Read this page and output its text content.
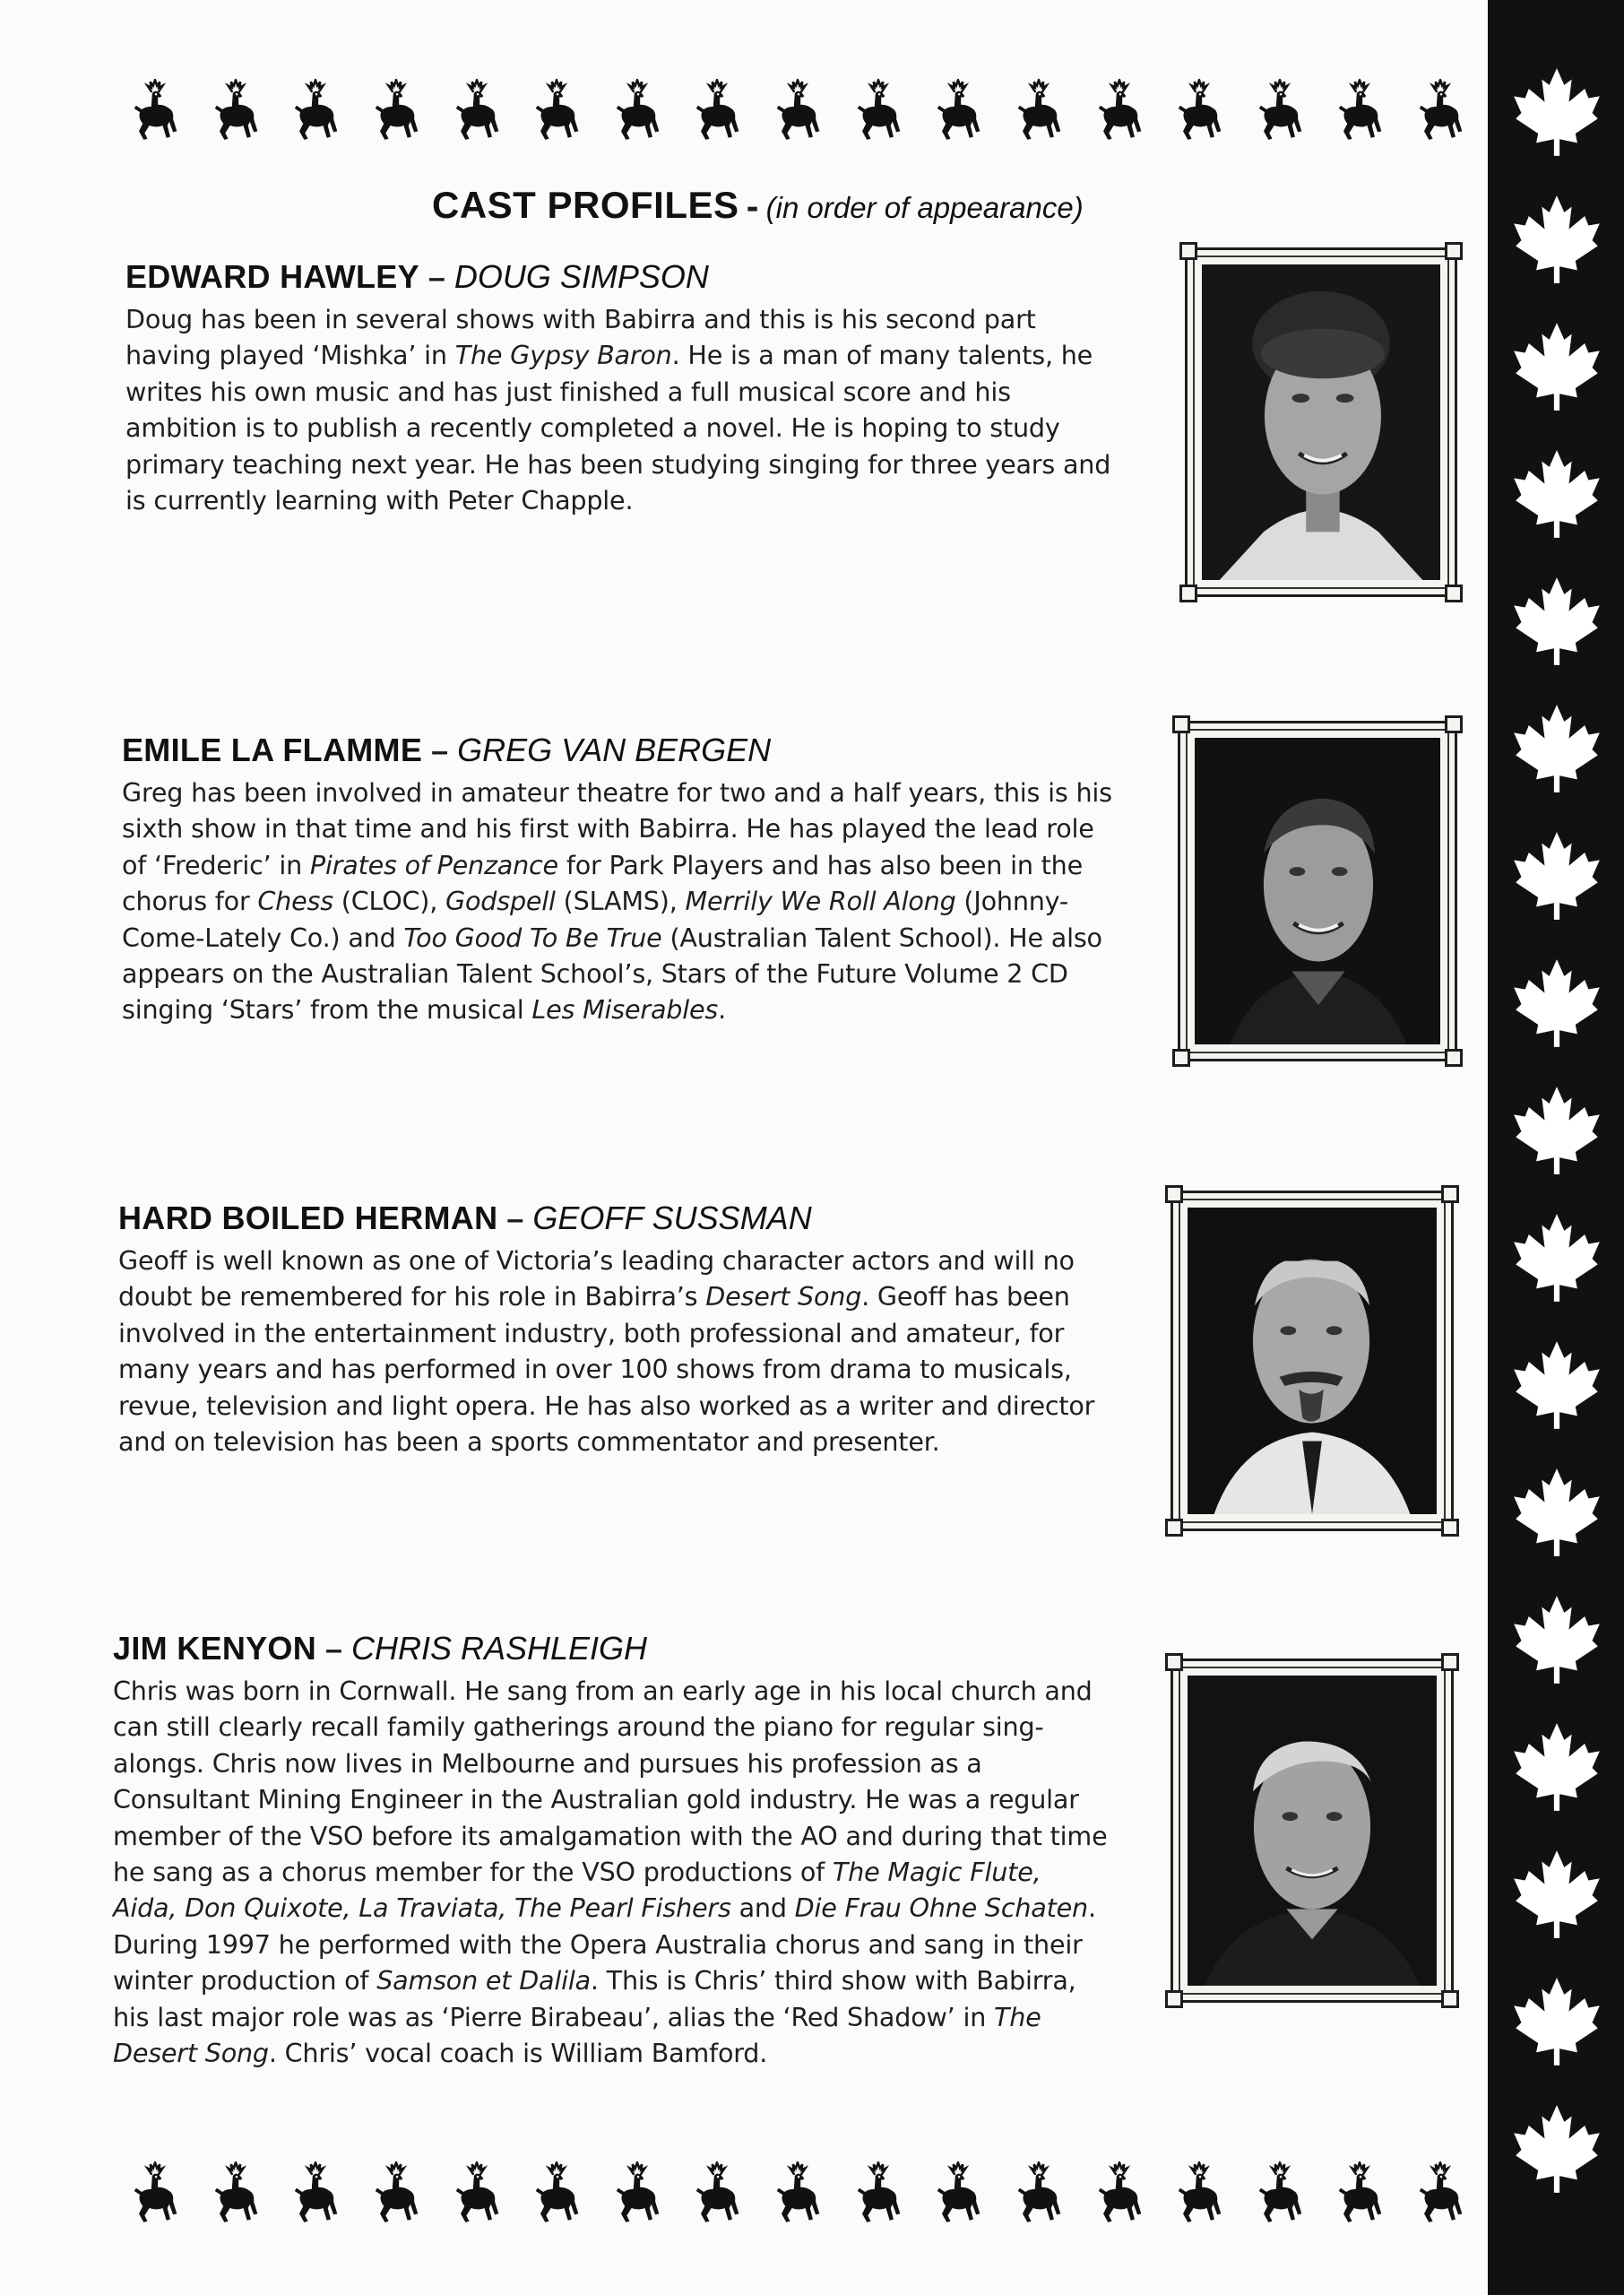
CAST PROFILES - (in order of appearance)
EDWARD HAWLEY – DOUG SIMPSON

Doug has been in several shows with Babirra and this is his second part having played ‘Mishka’ in The Gypsy Baron. He is a man of many talents, he writes his own music and has just finished a full musical score and his ambition is to publish a recently completed a novel. He is hoping to study primary teaching next year. He has been studying singing for three years and is currently learning with Peter Chapple.

EMILE LA FLAMME – GREG VAN BERGEN

Greg has been involved in amateur theatre for two and a half years, this is his sixth show in that time and his first with Babirra. He has played the lead role of ‘Frederic’ in Pirates of Penzance for Park Players and has also been in the chorus for Chess (CLOC), Godspell (SLAMS), Merrily We Roll Along (Johnny-Come-Lately Co.) and Too Good To Be True (Australian Talent School). He also appears on the Australian Talent School’s, Stars of the Future Volume 2 CD singing ‘Stars’ from the musical Les Miserables.

HARD BOILED HERMAN – GEOFF SUSSMAN

Geoff is well known as one of Victoria’s leading character actors and will no doubt be remembered for his role in Babirra’s Desert Song. Geoff has been involved in the entertainment industry, both professional and amateur, for many years and has performed in over 100 shows from drama to musicals, revue, television and light opera. He has also worked as a writer and director and on television has been a sports commentator and presenter.

JIM KENYON – CHRIS RASHLEIGH

Chris was born in Cornwall. He sang from an early age in his local church and can still clearly recall family gatherings around the piano for regular sing-alongs. Chris now lives in Melbourne and pursues his profession as a Consultant Mining Engineer in the Australian gold industry. He was a regular member of the VSO before its amalgamation with the AO and during that time he sang as a chorus member for the VSO productions of The Magic Flute, Aida, Don Quixote, La Traviata, The Pearl Fishers and Die Frau Ohne Schaten. During 1997 he performed with the Opera Australia chorus and sang in their winter production of Samson et Dalila. This is Chris’ third show with Babirra, his last major role was as ‘Pierre Birabeau’, alias the ‘Red Shadow’ in The Desert Song. Chris’ vocal coach is William Bamford.
